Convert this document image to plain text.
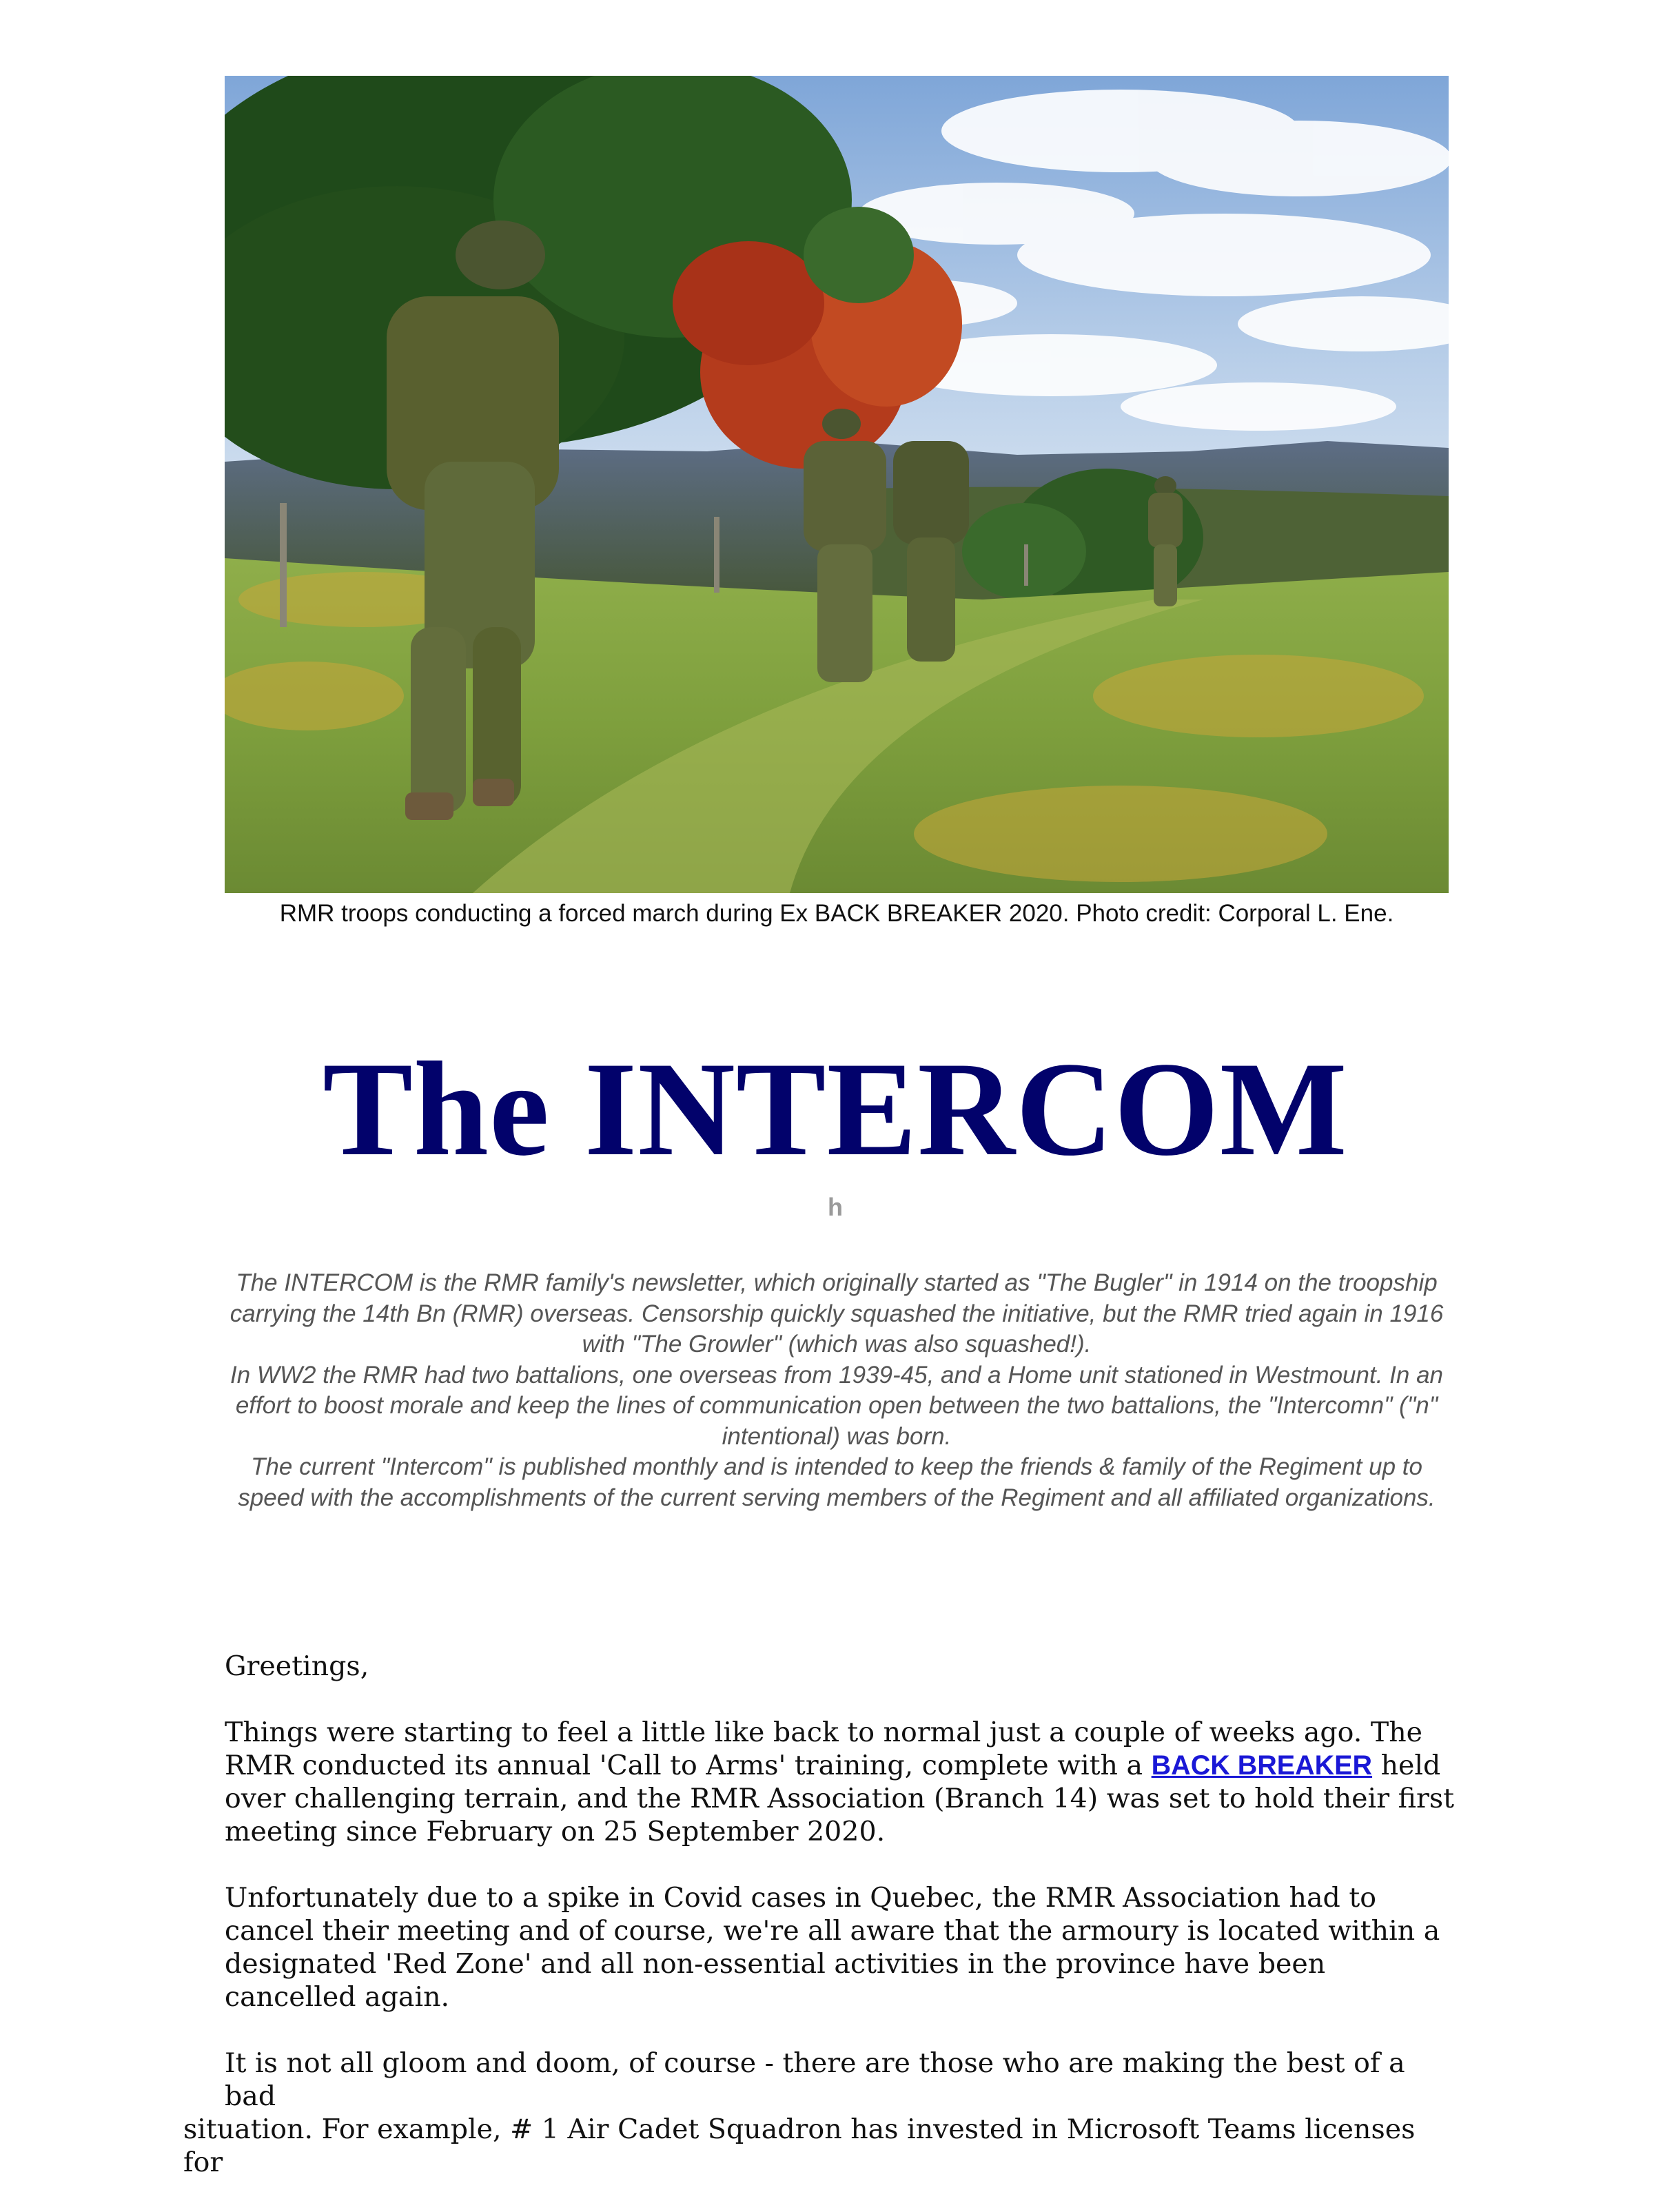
RMR troops conducting a forced march during Ex BACK BREAKER 2020. Photo credit: Corporal L. Ene.
The INTERCOM
h

The INTERCOM is the RMR family's newsletter, which originally started as "The Bugler" in 1914 on the troopship carrying the 14th Bn (RMR) overseas. Censorship quickly squashed the initiative, but the RMR tried again in 1916 with "The Growler" (which was also squashed!).

In WW2 the RMR had two battalions, one overseas from 1939-45, and a Home unit stationed in Westmount. In an effort to boost morale and keep the lines of communication open between the two battalions, the "Intercomn" ("n" intentional) was born.

The current "Intercom" is published monthly and is intended to keep the friends & family of the Regiment up to speed with the accomplishments of the current serving members of the Regiment and all affiliated organizations.

Greetings,

Things were starting to feel a little like back to normal just a couple of weeks ago. The RMR conducted its annual 'Call to Arms' training, complete with a BACK BREAKER held over challenging terrain, and the RMR Association (Branch 14) was set to hold their first meeting since February on 25 September 2020.

Unfortunately due to a spike in Covid cases in Quebec, the RMR Association had to cancel their meeting and of course, we're all aware that the armoury is located within a designated 'Red Zone' and all non-essential activities in the province have been cancelled again.

It is not all gloom and doom, of course - there are those who are making the best of a bad
situation. For example, # 1 Air Cadet Squadron has invested in Microsoft Teams licenses for
